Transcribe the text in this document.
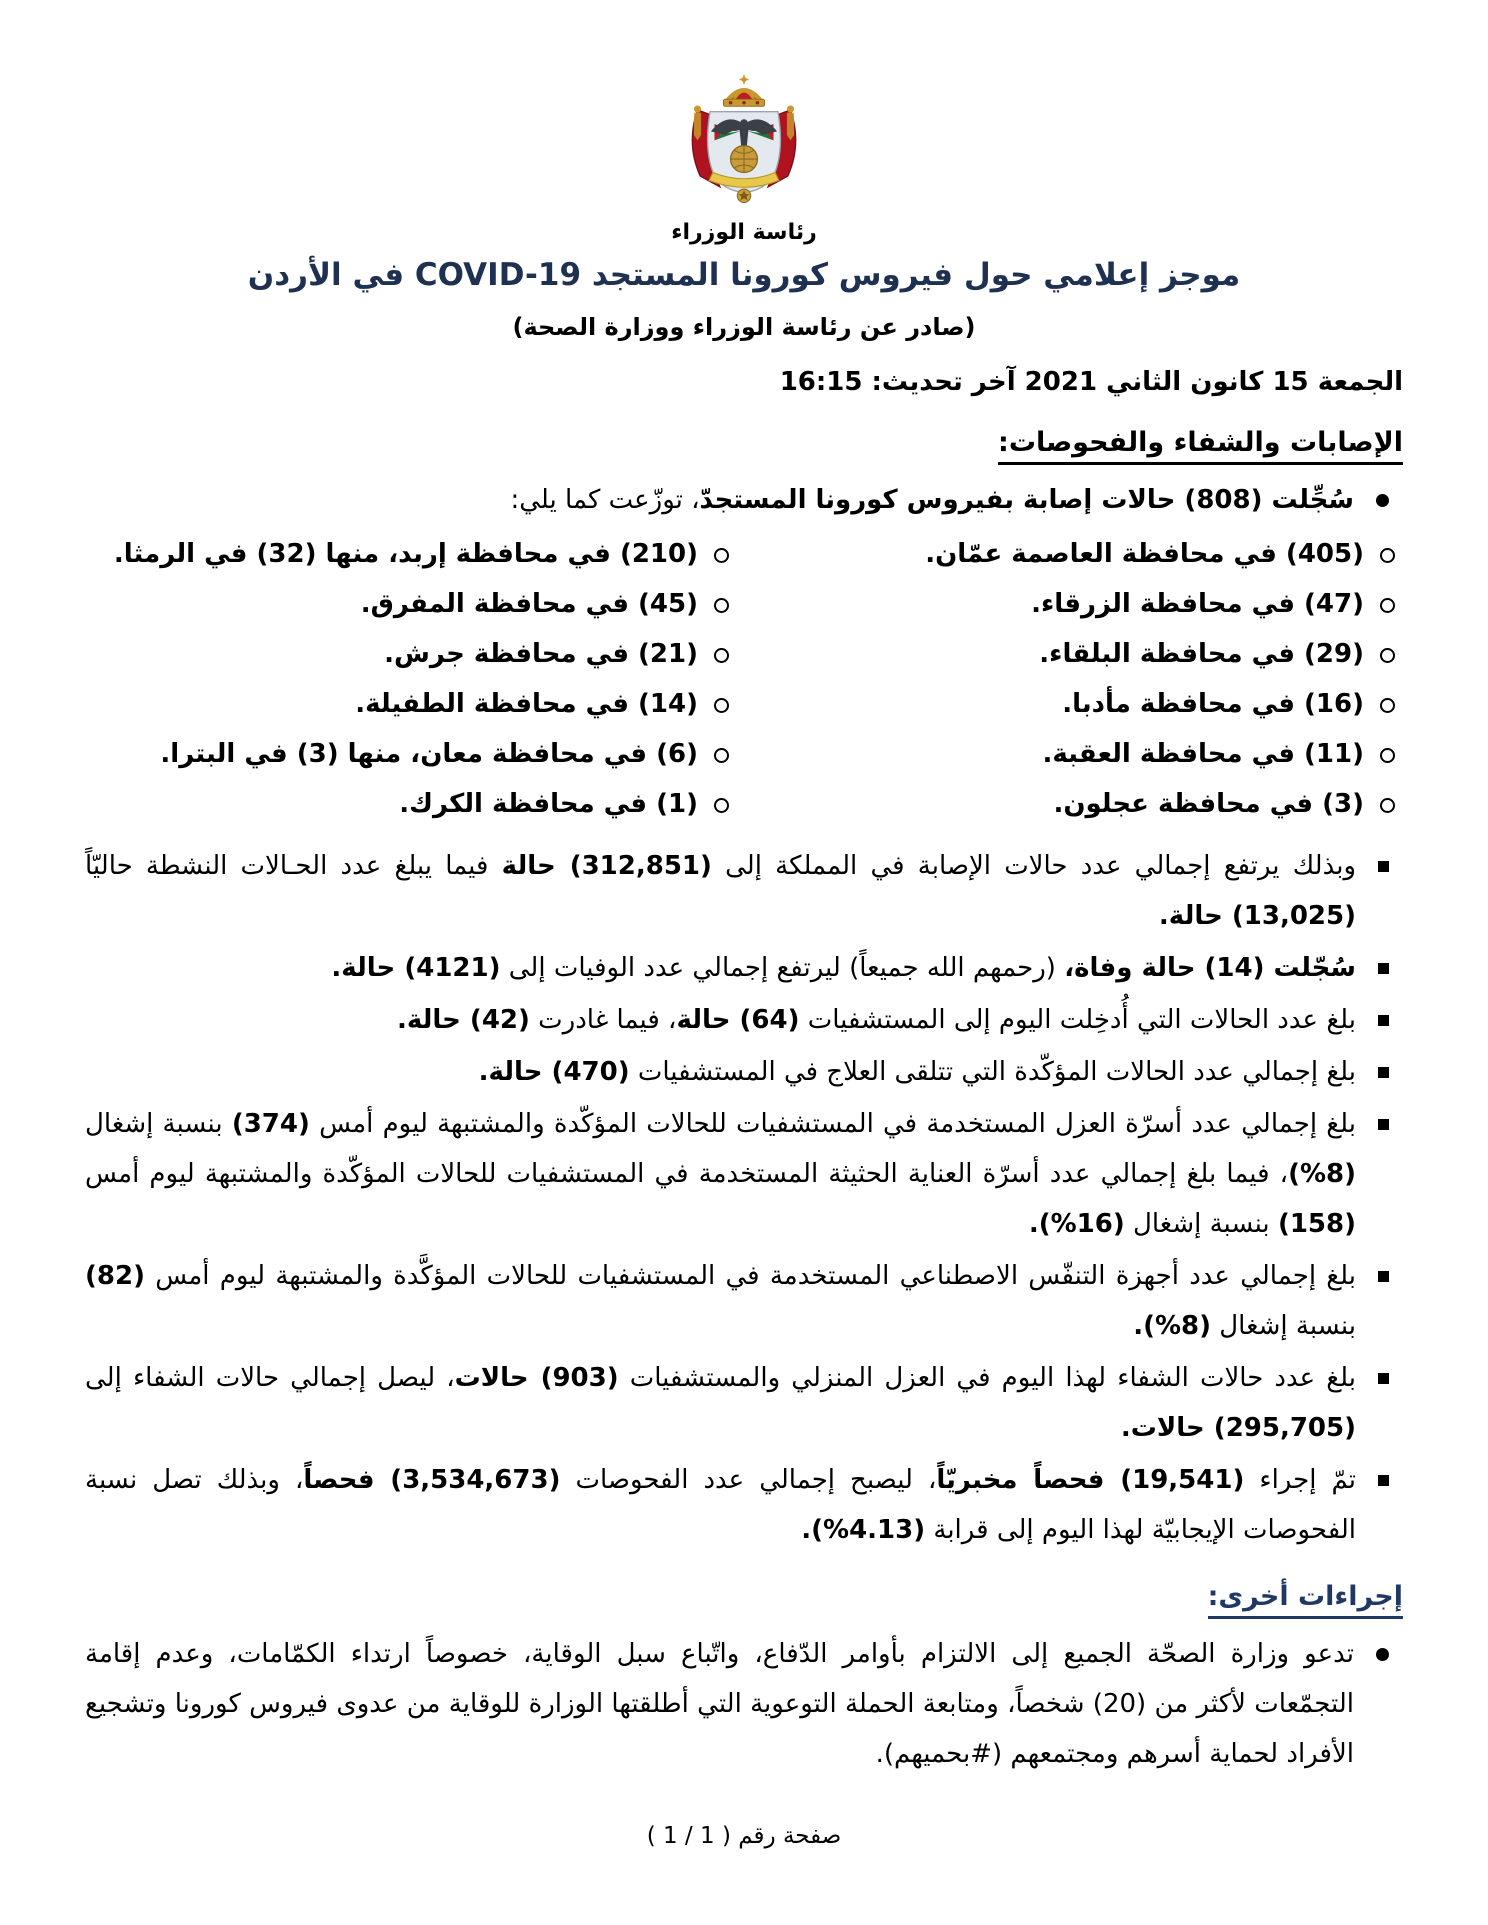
رئاسة الوزراء
موجز إعلامي حول فيروس كورونا المستجد COVID-19 في الأردن
(صادر عن رئاسة الوزراء ووزارة الصحة)
الجمعة 15 كانون الثاني 2021 آخر تحديث: 16:15
الإصابات والشفاء والفحوصات:
سُجِّلت (808) حالات إصابة بفيروس كورونا المستجدّ، توزّعت كما يلي:
(405) في محافظة العاصمة عمّان.
(210) في محافظة إربد، منها (32) في الرمثا.
(47) في محافظة الزرقاء.
(45) في محافظة المفرق.
(29) في محافظة البلقاء.
(21) في محافظة جرش.
(16) في محافظة مأدبا.
(14) في محافظة الطفيلة.
(11) في محافظة العقبة.
(6) في محافظة معان، منها (3) في البترا.
(3) في محافظة عجلون.
(1) في محافظة الكرك.
وبذلك يرتفع إجمالي عدد حالات الإصابة في المملكة إلى (312,851) حالة فيما يبلغ عدد الحـالات النشطة حاليّاً (13,025) حالة.
سُجّلت (14) حالة وفاة، (رحمهم الله جميعاً) ليرتفع إجمالي عدد الوفيات إلى (4121) حالة.
بلغ عدد الحالات التي أُدخِلت اليوم إلى المستشفيات (64) حالة، فيما غادرت (42) حالة.
بلغ إجمالي عدد الحالات المؤكّدة التي تتلقى العلاج في المستشفيات (470) حالة.
بلغ إجمالي عدد أسرّة العزل المستخدمة في المستشفيات للحالات المؤكّدة والمشتبهة ليوم أمس (374) بنسبة إشغال (8%)، فيما بلغ إجمالي عدد أسرّة العناية الحثيثة المستخدمة في المستشفيات للحالات المؤكّدة والمشتبهة ليوم أمس (158) بنسبة إشغال (16%).
بلغ إجمالي عدد أجهزة التنفّس الاصطناعي المستخدمة في المستشفيات للحالات المؤكَّدة والمشتبهة ليوم أمس (82) بنسبة إشغال (8%).
بلغ عدد حالات الشفاء لهذا اليوم في العزل المنزلي والمستشفيات (903) حالات، ليصل إجمالي حالات الشفاء إلى (295,705) حالات.
تمّ إجراء (19,541) فحصاً مخبريّاً، ليصبح إجمالي عدد الفحوصات (3,534,673) فحصاً، وبذلك تصل نسبة الفحوصات الإيجابيّة لهذا اليوم إلى قرابة (4.13%).
إجراءات أخرى:
تدعو وزارة الصحّة الجميع إلى الالتزام بأوامر الدّفاع، واتّباع سبل الوقاية، خصوصاً ارتداء الكمّامات، وعدم إقامة التجمّعات لأكثر من (20) شخصاً، ومتابعة الحملة التوعوية التي أطلقتها الوزارة للوقاية من عدوى فيروس كورونا وتشجيع الأفراد لحماية أسرهم ومجتمعهم (#بحميهم).
صفحة رقم ( 1 / 1 )
